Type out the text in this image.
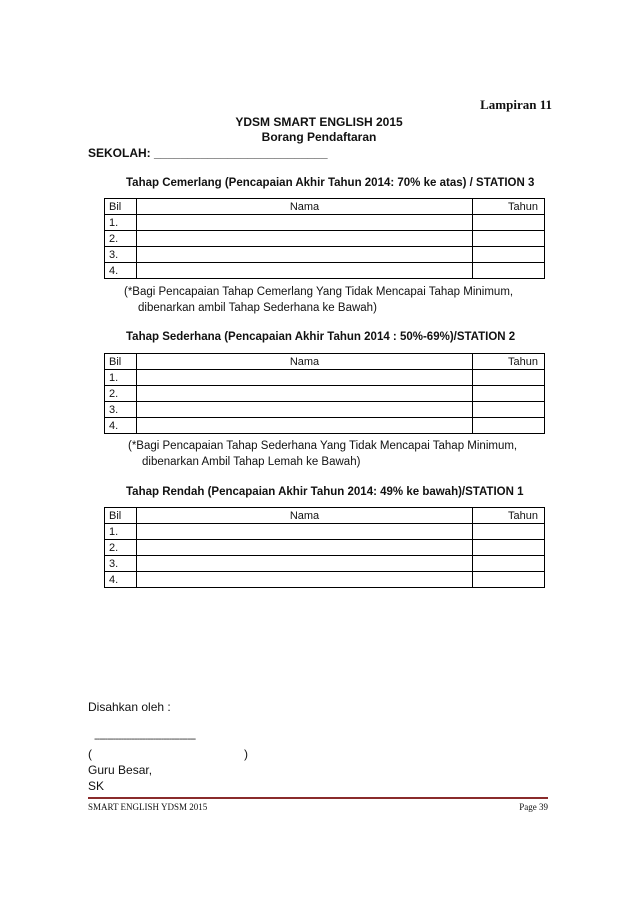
Lampiran 11
YDSM SMART ENGLISH 2015
Borang Pendaftaran
SEKOLAH: __________________________
Tahap Cemerlang (Pencapaian Akhir Tahun 2014: 70% ke atas) / STATION 3
Bil	Nama	Tahun
1.		
2.		
3.		
4.		
(*Bagi Pencapaian Tahap Cemerlang Yang Tidak Mencapai Tahap Minimum,
dibenarkan ambil Tahap Sederhana ke Bawah)
Tahap Sederhana (Pencapaian Akhir Tahun 2014 : 50%-69%)/STATION 2
Bil	Nama	Tahun
1.		
2.		
3.		
4.		
(*Bagi Pencapaian Tahap Sederhana Yang Tidak Mencapai Tahap Minimum,
dibenarkan Ambil Tahap Lemah ke Bawah)
Tahap Rendah (Pencapaian Akhir Tahun 2014: 49% ke bawah)/STATION 1
Bil	Nama	Tahun
1.		
2.		
3.		
4.		
Disahkan oleh :
--------------------------------------
(	)
Guru Besar,
SK
SMART ENGLISH YDSM 2015	Page 39
